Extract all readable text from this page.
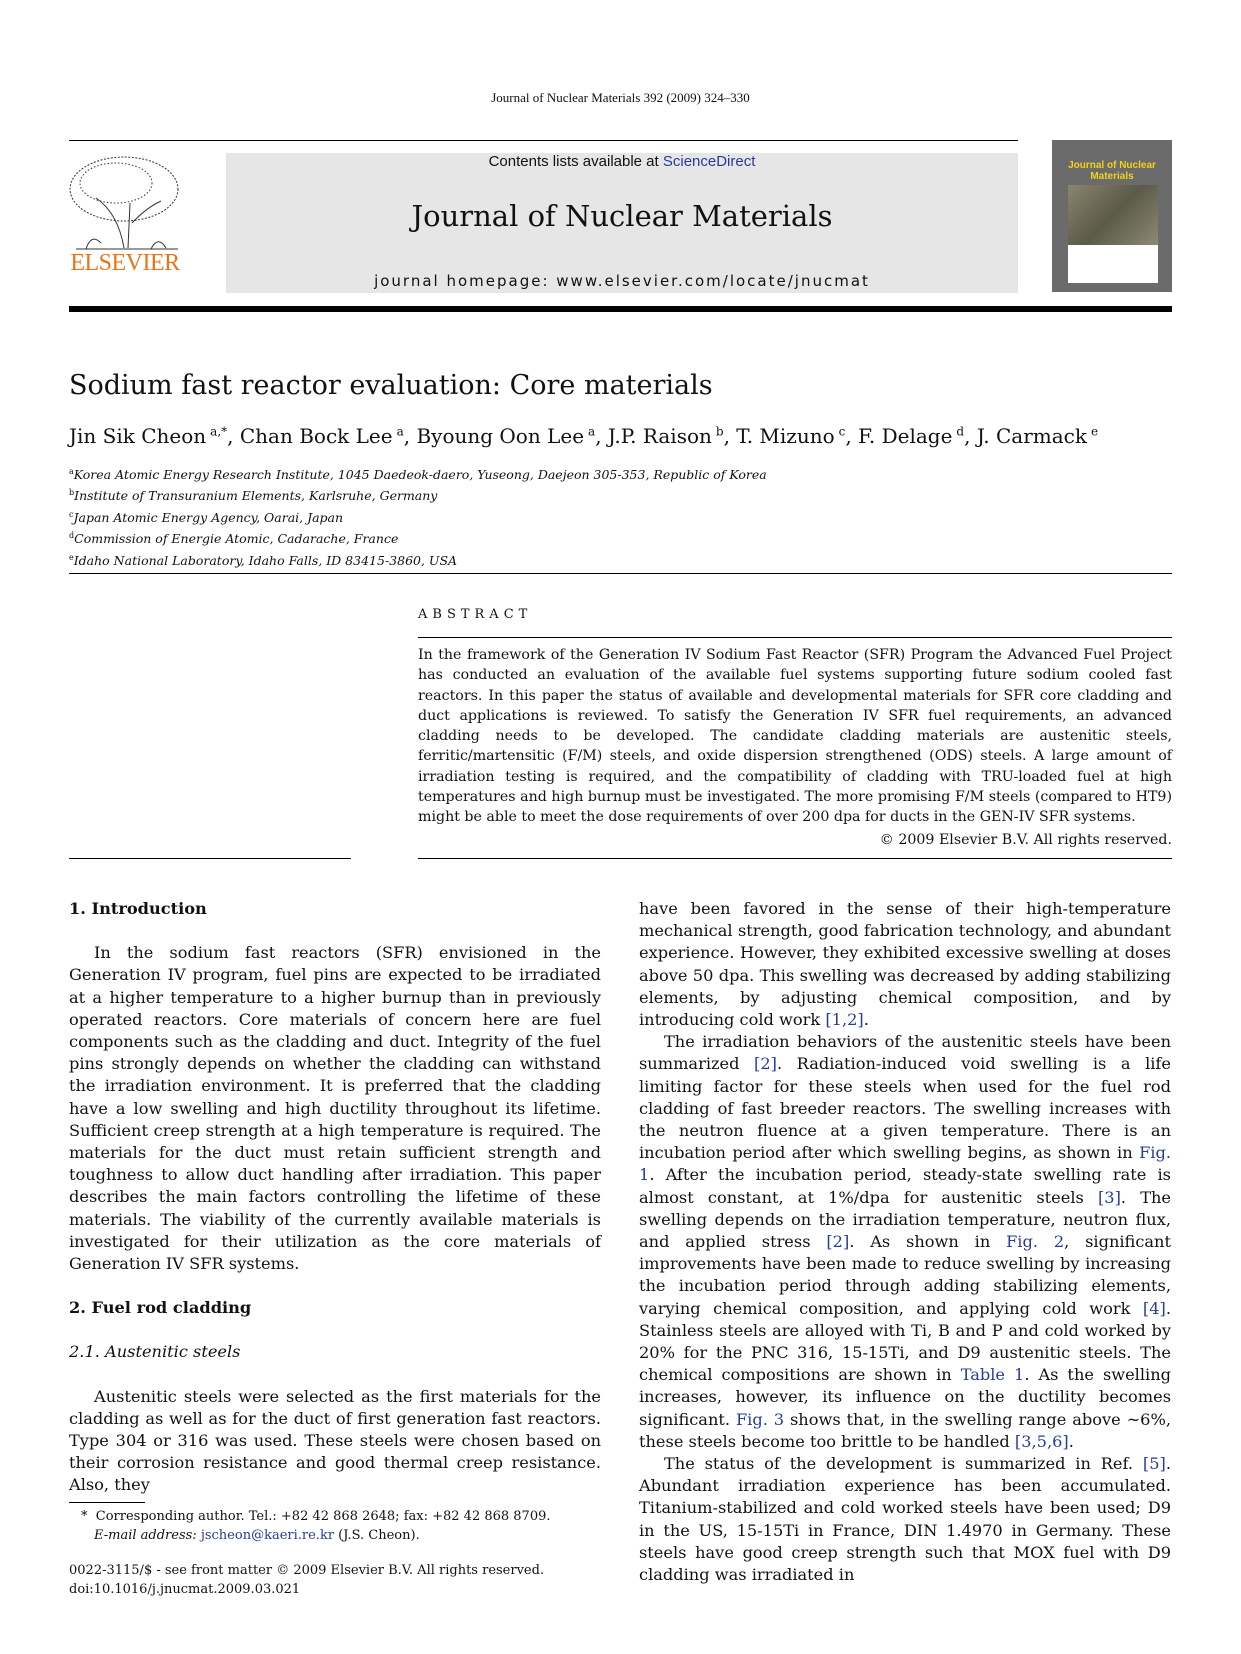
Journal of Nuclear Materials 392 (2009) 324–330
ELSEVIER
Contents lists available at ScienceDirect
Journal of Nuclear Materials
journal homepage: www.elsevier.com/locate/jnucmat
Journal of Nuclear Materials
Sodium fast reactor evaluation: Core materials
Jin Sik Cheon  $^{a,*}$, Chan Bock Lee  $^a$, Byoung Oon Lee  $^a$, J.P. Raison  $^b$, T. Mizuno  $^c$, F. Delage  $^d$, J. Carmack  $^e$
$^a$Korea Atomic Energy Research Institute, 1045 Daedeok-daero, Yuseong, Daejeon 305-353, Republic of Korea
$^b$Institute of Transuranium Elements, Karlsruhe, Germany
$^c$Japan Atomic Energy Agency, Oarai, Japan
$^d$Commission of Energie Atomic, Cadarache, France
$^e$Idaho National Laboratory, Idaho Falls, ID 83415-3860, USA
ABSTRACT
In the framework of the Generation IV Sodium Fast Reactor (SFR) Program the Advanced Fuel Project has conducted an evaluation of the available fuel systems supporting future sodium cooled fast reactors. In this paper the status of available and developmental materials for SFR core cladding and duct applications is reviewed. To satisfy the Generation IV SFR fuel requirements, an advanced cladding needs to be developed. The candidate cladding materials are austenitic steels, ferritic/martensitic (F/M) steels, and oxide dispersion strengthened (ODS) steels. A large amount of irradiation testing is required, and the compatibility of cladding with TRU-loaded fuel at high temperatures and high burnup must be investigated. The more promising F/M steels (compared to HT9) might be able to meet the dose requirements of over 200 dpa for ducts in the GEN-IV SFR systems.
© 2009 Elsevier B.V. All rights reserved.
1. Introduction

In the sodium fast reactors (SFR) envisioned in the Generation IV program, fuel pins are expected to be irradiated at a higher temperature to a higher burnup than in previously operated reactors. Core materials of concern here are fuel components such as the cladding and duct. Integrity of the fuel pins strongly depends on whether the cladding can withstand the irradiation environment. It is preferred that the cladding have a low swelling and high ductility throughout its lifetime. Sufficient creep strength at a high temperature is required. The materials for the duct must retain sufficient strength and toughness to allow duct handling after irradiation. This paper describes the main factors controlling the lifetime of these materials. The viability of the currently available materials is investigated for their utilization as the core materials of Generation IV SFR systems.

2. Fuel rod cladding
2.1. Austenitic steels

Austenitic steels were selected as the first materials for the cladding as well as for the duct of first generation fast reactors. Type 304 or 316 was used. These steels were chosen based on their corrosion resistance and good thermal creep resistance. Also, they

have been favored in the sense of their high-temperature mechanical strength, good fabrication technology, and abundant experience. However, they exhibited excessive swelling at doses above 50 dpa. This swelling was decreased by adding stabilizing elements, by adjusting chemical composition, and by introducing cold work [1,2].

The irradiation behaviors of the austenitic steels have been summarized [2]. Radiation-induced void swelling is a life limiting factor for these steels when used for the fuel rod cladding of fast breeder reactors. The swelling increases with the neutron fluence at a given temperature. There is an incubation period after which swelling begins, as shown in Fig. 1. After the incubation period, steady-state swelling rate is almost constant, at 1%/dpa for austenitic steels [3]. The swelling depends on the irradiation temperature, neutron flux, and applied stress [2]. As shown in Fig. 2, significant improvements have been made to reduce swelling by increasing the incubation period through adding stabilizing elements, varying chemical composition, and applying cold work [4]. Stainless steels are alloyed with Ti, B and P and cold worked by 20% for the PNC 316, 15-15Ti, and D9 austenitic steels. The chemical compositions are shown in Table 1. As the swelling increases, however, its influence on the ductility becomes significant. Fig. 3 shows that, in the swelling range above ∼6%, these steels become too brittle to be handled [3,5,6].

The status of the development is summarized in Ref. [5]. Abundant irradiation experience has been accumulated. Titanium-stabilized and cold worked steels have been used; D9 in the US, 15-15Ti in France, DIN 1.4970 in Germany. These steels have good creep strength such that MOX fuel with D9 cladding was irradiated in

* Corresponding author. Tel.: +82 42 868 2648; fax: +82 42 868 8709.
E-mail address: jscheon@kaeri.re.kr (J.S. Cheon).
0022-3115/$ - see front matter © 2009 Elsevier B.V. All rights reserved.
doi:10.1016/j.jnucmat.2009.03.021
